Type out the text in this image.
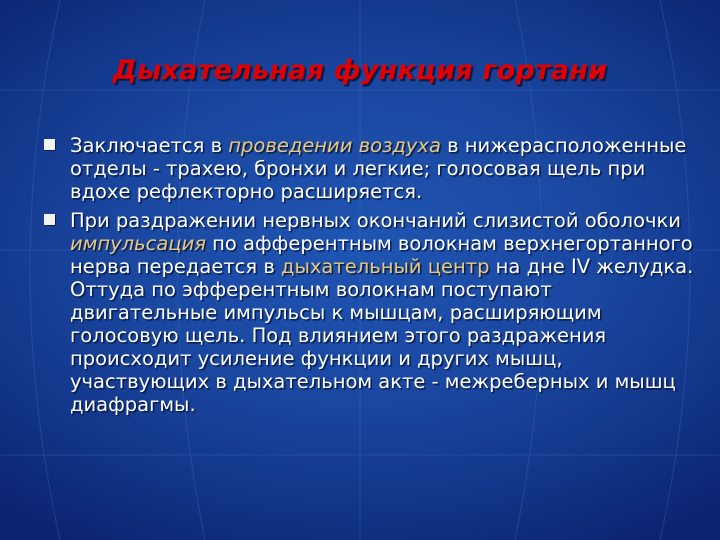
Дыхательная функция гортани
Заключается в проведении воздуха в нижерасположенные отделы - трахею, бронхи и легкие; голосовая щель при вдохе рефлекторно расширяется.
При раздражении нервных окончаний слизистой оболочки импульсация по афферентным волокнам верхнегортанного нерва передается в дыхательный центр на дне IV желудка. Оттуда по эфферентным волокнам поступают двигательные импульсы к мышцам, расширяющим голосовую щель. Под влиянием этого раздражения происходит усиление функции и других мышц, участвующих в дыхательном акте - межреберных и мышц диафрагмы.
